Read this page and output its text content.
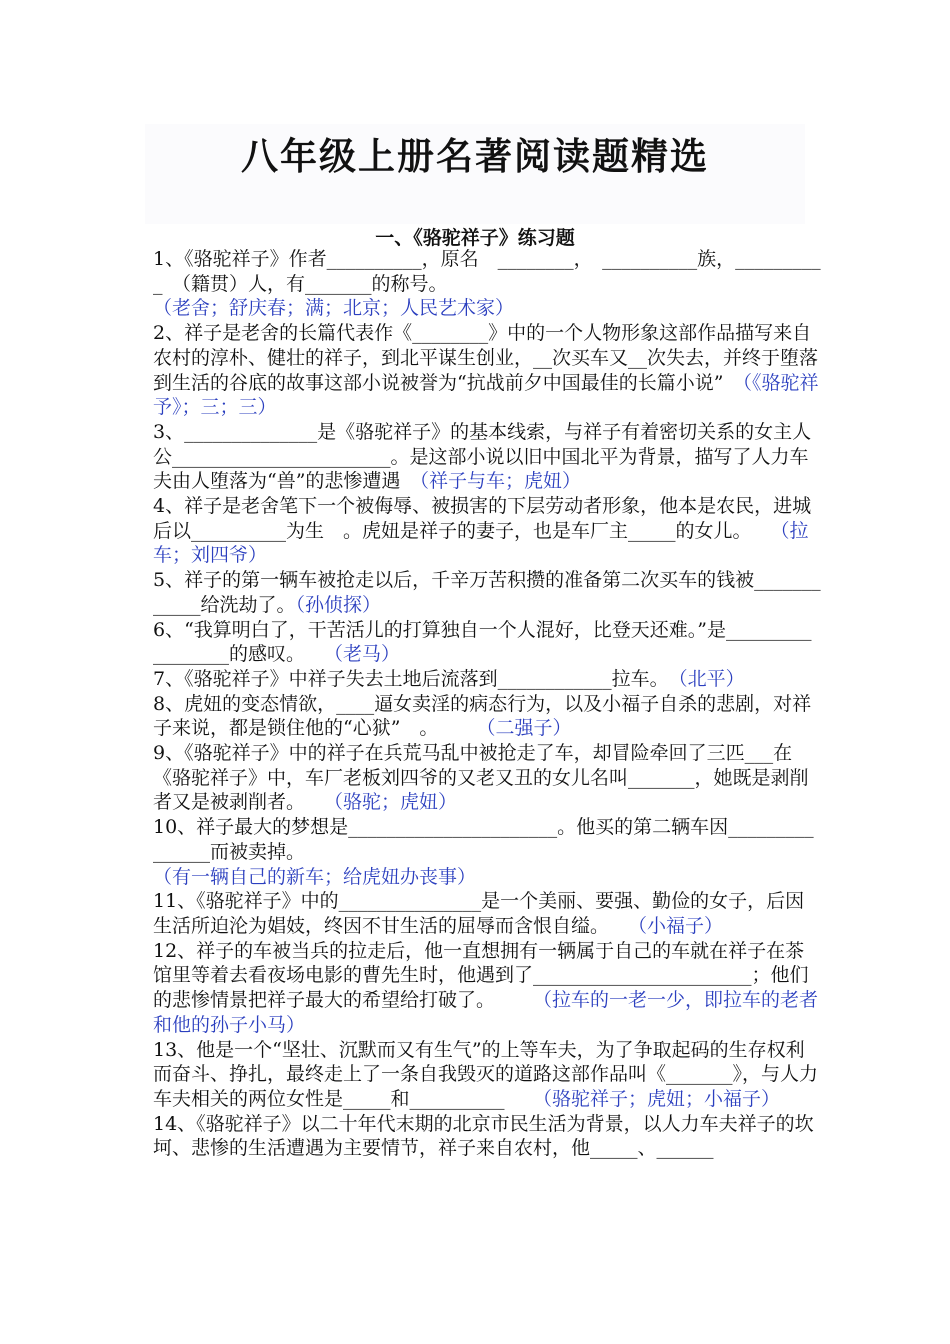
八年级上册名著阅读题精选
一、《骆驼祥子》练习题

1、《骆驼祥子》作者__________，原名　________，　__________族，__________　（籍贯）人，有_______的称号。
（老舍；舒庆春；满；北京；人民艺术家）

2、祥子是老舍的长篇代表作《________》中的一个人物形象这部作品描写来自农村的淳朴、健壮的祥子，到北平谋生创业，__次买车又__次失去，并终于堕落到生活的谷底的故事这部小说被誉为“抗战前夕中国最佳的长篇小说”　（《骆驼祥予》；三；三）

3、______________是《骆驼祥子》的基本线索，与祥子有着密切关系的女主人公_______________________。是这部小说以旧中国北平为背景，描写了人力车夫由人堕落为“兽”的悲惨遭遇　（祥子与车；虎妞）

4、祥子是老舍笔下一个被侮辱、被损害的下层劳动者形象，他本是农民，进城后以__________为生　。虎妞是祥子的妻子，也是车厂主_____的女儿。　　（拉车；刘四爷）

5、祥子的第一辆车被抢走以后，千辛万苦积攒的准备第二次买车的钱被____________给洗劫了。（孙侦探）

6、“我算明白了，干苦活儿的打算独自一个人混好，比登天还难。”是_________________的感叹。　　（老马）

7、《骆驼祥子》中祥子失去土地后流落到____________拉车。　（北平）

8、虎妞的变态情欲，____逼女卖淫的病态行为，以及小福子自杀的悲剧，对祥子来说，都是锁住他的“心狱”　。　　　（二强子）

9、《骆驼祥子》中的祥子在兵荒马乱中被抢走了车，却冒险牵回了三匹___在《骆驼祥子》中，车厂老板刘四爷的又老又丑的女儿名叫_______，她既是剥削者又是被剥削者。　　（骆驼；虎妞）

10、祥子最大的梦想是______________________。他买的第二辆车因_______________而被卖掉。
（有一辆自己的新车；给虎妞办丧事）

11、《骆驼祥子》中的_______________是一个美丽、要强、勤俭的女子，后因生活所迫沦为娼妓，终因不甘生活的屈辱而含恨自缢。　　（小福子）

12、祥子的车被当兵的拉走后，他一直想拥有一辆属于自己的车就在祥子在茶馆里等着去看夜场电影的曹先生时，他遇到了_______________________；他们的悲惨情景把祥子最大的希望给打破了。　　　（拉车的一老一少，即拉车的老者和他的孙子小马）

13、他是一个“坚壮、沉默而又有生气”的上等车夫，为了争取起码的生存权利而奋斗、挣扎，最终走上了一条自我毁灭的道路这部作品叫《_______》，与人力车夫相关的两位女性是_____和__________　　（骆驼祥子；虎妞；小福子）

14、《骆驼祥子》以二十年代末期的北京市民生活为背景，以人力车夫祥子的坎坷、悲惨的生活遭遇为主要情节，祥子来自农村，他_____、______
